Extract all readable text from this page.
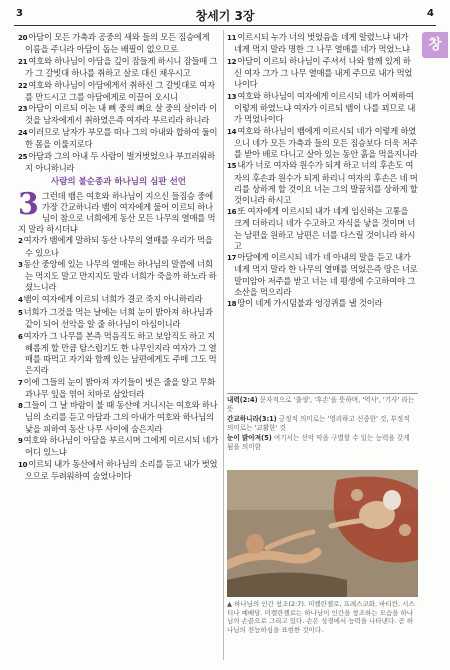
3	창세기 3장	4
창
20아담이 모든 가축과 공중의 새와 들의 모든 짐승에게 이름을 주니라 아담이 돕는 배필이 없으므로
21여호와 하나님이 아담을 깊이 잠들게 하시니 잠들매 그가 그 갈빗대 하나를 취하고 살로 대신 채우시고
22여호와 하나님이 아담에게서 취하신 그 갈빗대로 여자를 만드시고 그를 아담에게로 이끌어 오시니
23아담이 이르되 이는 내 뼈 중의 뼈요 살 중의 살이라 이것을 남자에게서 취하였은즉 여자라 부르리라 하니라
24이러므로 남자가 부모를 떠나 그의 아내와 합하여 둘이 한 몸을 이룰지로다
25아담과 그의 아내 두 사람이 벌거벗었으나 부끄러워하지 아니하니라
사람의 불순종과 하나님의 심판 선언
3 그런데 뱀은 여호와 하나님이 지으신 들짐승 중에 가장 간교하니라 뱀이 여자에게 물어 이르되 하나님이 참으로 너희에게 동산 모든 나무의 열매를 먹지 말라 하시더냐
2여자가 뱀에게 말하되 동산 나무의 열매를 우리가 먹을 수 있으나
3동산 중앙에 있는 나무의 열매는 하나님의 말씀에 너희는 먹지도 말고 만지지도 말라 너희가 죽을까 하노라 하셨느니라
4뱀이 여자에게 이르되 너희가 결코 죽지 아니하리라
5너희가 그것을 먹는 날에는 너희 눈이 밝아져 하나님과 같이 되어 선악을 알 줄 하나님이 아심이니라
6여자가 그 나무를 본즉 먹음직도 하고 보암직도 하고 지혜롭게 할 만큼 탐스럽기도 한 나무인지라 여자가 그 열매를 따먹고 자기와 함께 있는 남편에게도 주매 그도 먹은지라
7이에 그들의 눈이 밝아져 자기들이 벗은 줄을 알고 무화과나무 잎을 엮어 치마로 삼았더라
8그들이 그 날 바람이 불 때 동산에 거니시는 여호와 하나님의 소리를 듣고 아담과 그의 아내가 여호와 하나님의 낯을 피하여 동산 나무 사이에 숨은지라
9여호와 하나님이 아담을 부르시며 그에게 이르시되 네가 어디 있느냐
10이르되 내가 동산에서 하나님의 소리를 듣고 내가 벗었으므로 두려워하여 숨었나이다
11이르시되 누가 너의 벗었음을 네게 알렸느냐 내가 네게 먹지 말라 명한 그 나무 열매를 네가 먹었느냐
12아담이 이르되 하나님이 주셔서 나와 함께 있게 하신 여자 그가 그 나무 열매를 내게 주므로 내가 먹었나이다
13여호와 하나님이 여자에게 이르시되 네가 어찌하여 이렇게 하였느냐 여자가 이르되 뱀이 나를 꾀므로 내가 먹었나이다
14여호와 하나님이 뱀에게 이르시되 네가 이렇게 하였으니 네가 모든 가축과 들의 모든 짐승보다 더욱 저주를 받아 배로 다니고 살아 있는 동안 흙을 먹을지니라
15내가 너로 여자와 원수가 되게 하고 너의 후손도 여자의 후손과 원수가 되게 하리니 여자의 후손은 네 머리를 상하게 할 것이요 너는 그의 발꿈치를 상하게 할 것이니라 하시고
16또 여자에게 이르시되 내가 네게 임신하는 고통을 크게 더하리니 네가 수고하고 자식을 낳을 것이며 너는 남편을 원하고 남편은 너를 다스릴 것이니라 하시고
17아담에게 이르시되 네가 네 아내의 말을 듣고 내가 네게 먹지 말라 한 나무의 열매를 먹었은즉 땅은 너로 말미암아 저주를 받고 너는 네 평생에 수고하여야 그 소산을 먹으리라
18땅이 네게 가시덤불과 엉겅퀴를 낼 것이라
내력(2:4) 문자적으로 '출생', '후손'을 뜻하며, '역사', '기사' 라는 뜻
간교하니라(3:1) 긍정적 의미로는 '영리하고 신중한' 것, 부정적 의미로는 '교활한' 것
눈이 밝아져(5) 여기서는 선악 악을 구별할 수 있는 능력을 갖게 됨을 의미함
▲ 하나님의 인간 창조(2:7). 미켈란젤로, 프레스코화, 바티칸, 시스티나 예배당. 미켈란젤로는 하나님이 인간을 창조하는 모습을 하나님의 손끝으로 그리고 있다. 손은 성경에서 능력을 나타낸다. 곧 하나님의 전능하심을 표현한 것이다.
